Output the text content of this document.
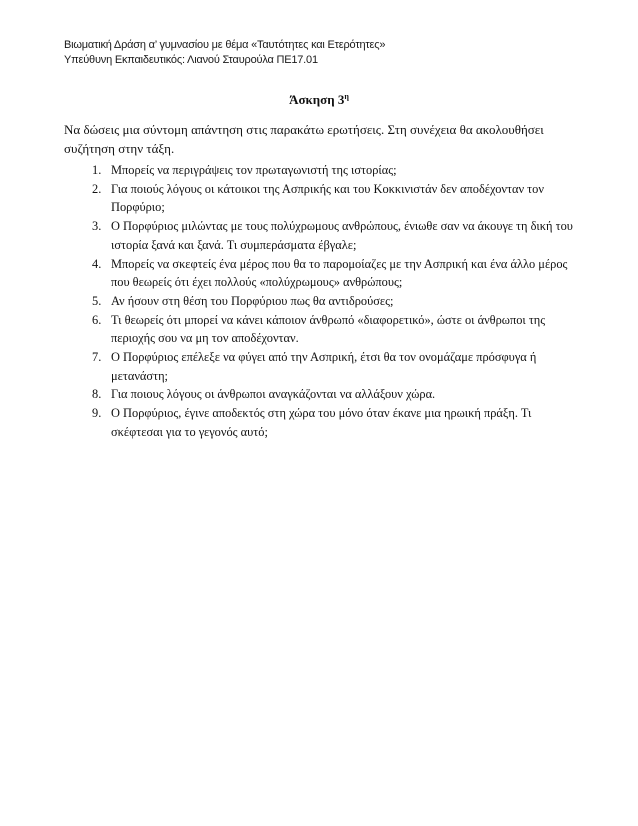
Βιωματική Δράση α’ γυμνασίου με θέμα «Ταυτότητες και Ετερότητες»
Υπεύθυνη Εκπαιδευτικός: Λιανού Σταυρούλα ΠΕ17.01
Άσκηση $3^\eta$
Να δώσεις μια σύντομη απάντηση στις παρακάτω ερωτήσεις. Στη συνέχεια θα ακολουθήσει συζήτηση στην τάξη.
1. Μπορείς να περιγράψεις τον πρωταγωνιστή της ιστορίας;
2. Για ποιούς λόγους οι κάτοικοι της Ασπρικής και του Κοκκινιστάν δεν αποδέχονταν τον Πορφύριο;
3. Ο Πορφύριος μιλώντας με τους πολύχρωμους ανθρώπους, ένιωθε σαν να άκουγε τη δική του ιστορία ξανά και ξανά. Τι συμπεράσματα έβγαλε;
4. Μπορείς να σκεφτείς ένα μέρος που θα το παρομοίαζες με την Ασπρική και ένα άλλο μέρος που θεωρείς ότι έχει πολλούς «πολύχρωμους» ανθρώπους;
5. Αν ήσουν στη θέση του Πορφύριου πως θα αντιδρούσες;
6. Τι θεωρείς ότι μπορεί να κάνει κάποιον άνθρωπό «διαφορετικό», ώστε οι άνθρωποι της περιοχής σου να μη τον αποδέχονταν.
7. Ο Πορφύριος επέλεξε να φύγει από την Ασπρική, έτσι θα τον ονομάζαμε πρόσφυγα ή μετανάστη;
8. Για ποιους λόγους οι άνθρωποι αναγκάζονται να αλλάξουν χώρα.
9. Ο Πορφύριος, έγινε αποδεκτός στη χώρα του μόνο όταν έκανε μια ηρωική πράξη. Τι σκέφτεσαι για το γεγονός αυτό;
